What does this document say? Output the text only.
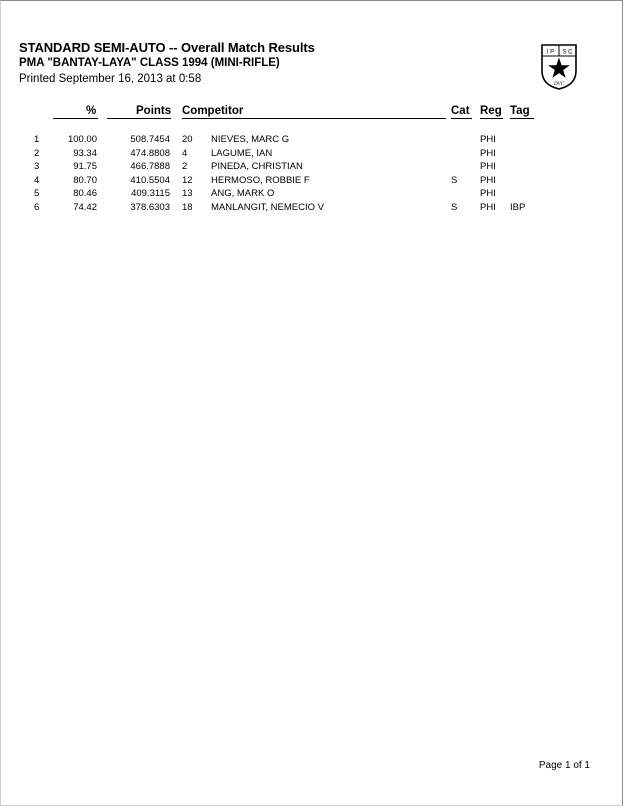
STANDARD SEMI-AUTO -- Overall Match Results
PMA "BANTAY-LAYA" CLASS 1994 (MINI-RIFLE)
Printed September 16, 2013 at 0:58
I P S C
DVC
%	Points Competitor	Cat Reg Tag
1	100.00	508.7454 20 NIEVES, MARC G	PHI
2	93.34	474.8808 4 LAGUME, IAN	PHI
3	91.75	466.7888 2 PINEDA, CHRISTIAN	PHI
4	80.70	410.5504 12 HERMOSO, ROBBIE F	S PHI
5	80.46	409.3115 13 ANG, MARK O	PHI
6	74.42	378.6303 18 MANLANGIT, NEMECIO V	S PHI IBP
Page 1 of 1
